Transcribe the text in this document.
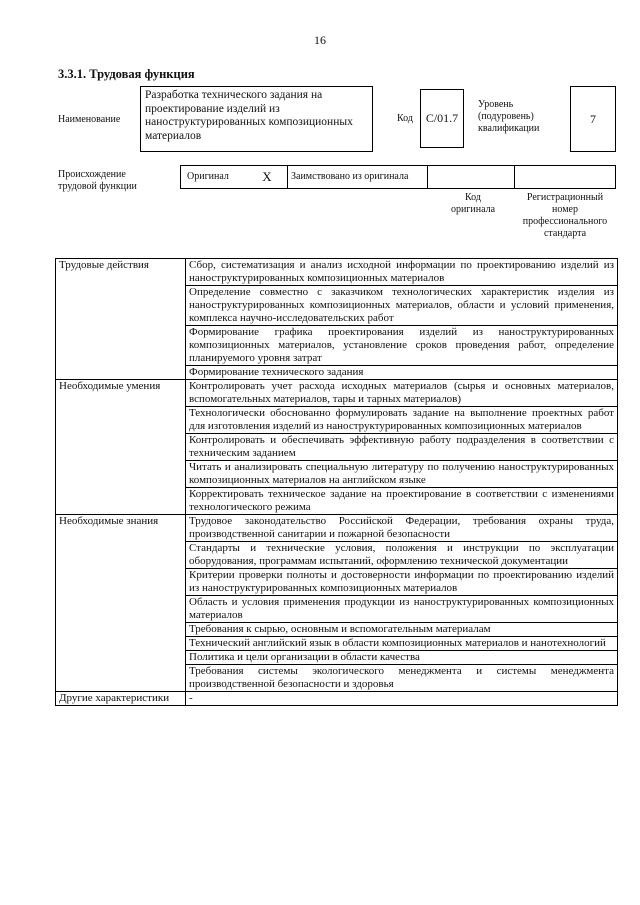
16
3.3.1. Трудовая функция
Наименование
Разработка технического задания на проектирование изделий из наноструктурированных композиционных материалов
Код	C/01.7
Уровень
(подуровень)
квалификации
7
Происхождение
трудовой функции
Оригинал	X	Заимствовано из оригинала
Код
оригинала
Регистрационный
номер
профессионального
стандарта
Трудовые действия	Сбор, систематизация и анализ исходной информации по проектированию изделий из наноструктурированных композиционных материалов
	Определение совместно с заказчиком технологических характеристик изделия из наноструктурированных композиционных материалов, области и условий применения, комплекса научно-исследовательских работ
	Формирование графика проектирования изделий из наноструктурированных композиционных материалов, установление сроков проведения работ, определение планируемого уровня затрат
	Формирование технического задания
Необходимые умения	Контролировать учет расхода исходных материалов (сырья и основных материалов, вспомогательных материалов, тары и тарных материалов)
	Технологически обоснованно формулировать задание на выполнение проектных работ для изготовления изделий из наноструктурированных композиционных материалов
	Контролировать и обеспечивать эффективную работу подразделения в соответствии с техническим заданием
	Читать и анализировать специальную литературу по получению наноструктурированных композиционных материалов на английском языке
	Корректировать техническое задание на проектирование в соответствии с изменениями технологического режима
Необходимые знания	Трудовое законодательство Российской Федерации, требования охраны труда, производственной санитарии и пожарной безопасности
	Стандарты и технические условия, положения и инструкции по эксплуатации оборудования, программам испытаний, оформлению технической документации
	Критерии проверки полноты и достоверности информации по проектированию изделий из наноструктурированных композиционных материалов
	Область и условия применения продукции из наноструктурированных композиционных материалов
	Требования к сырью, основным и вспомогательным материалам
	Технический английский язык в области композиционных материалов и нанотехнологий
	Политика и цели организации в области качества
	Требования системы экологического менеджмента и системы менеджмента производственной безопасности и здоровья
Другие характеристики	-
